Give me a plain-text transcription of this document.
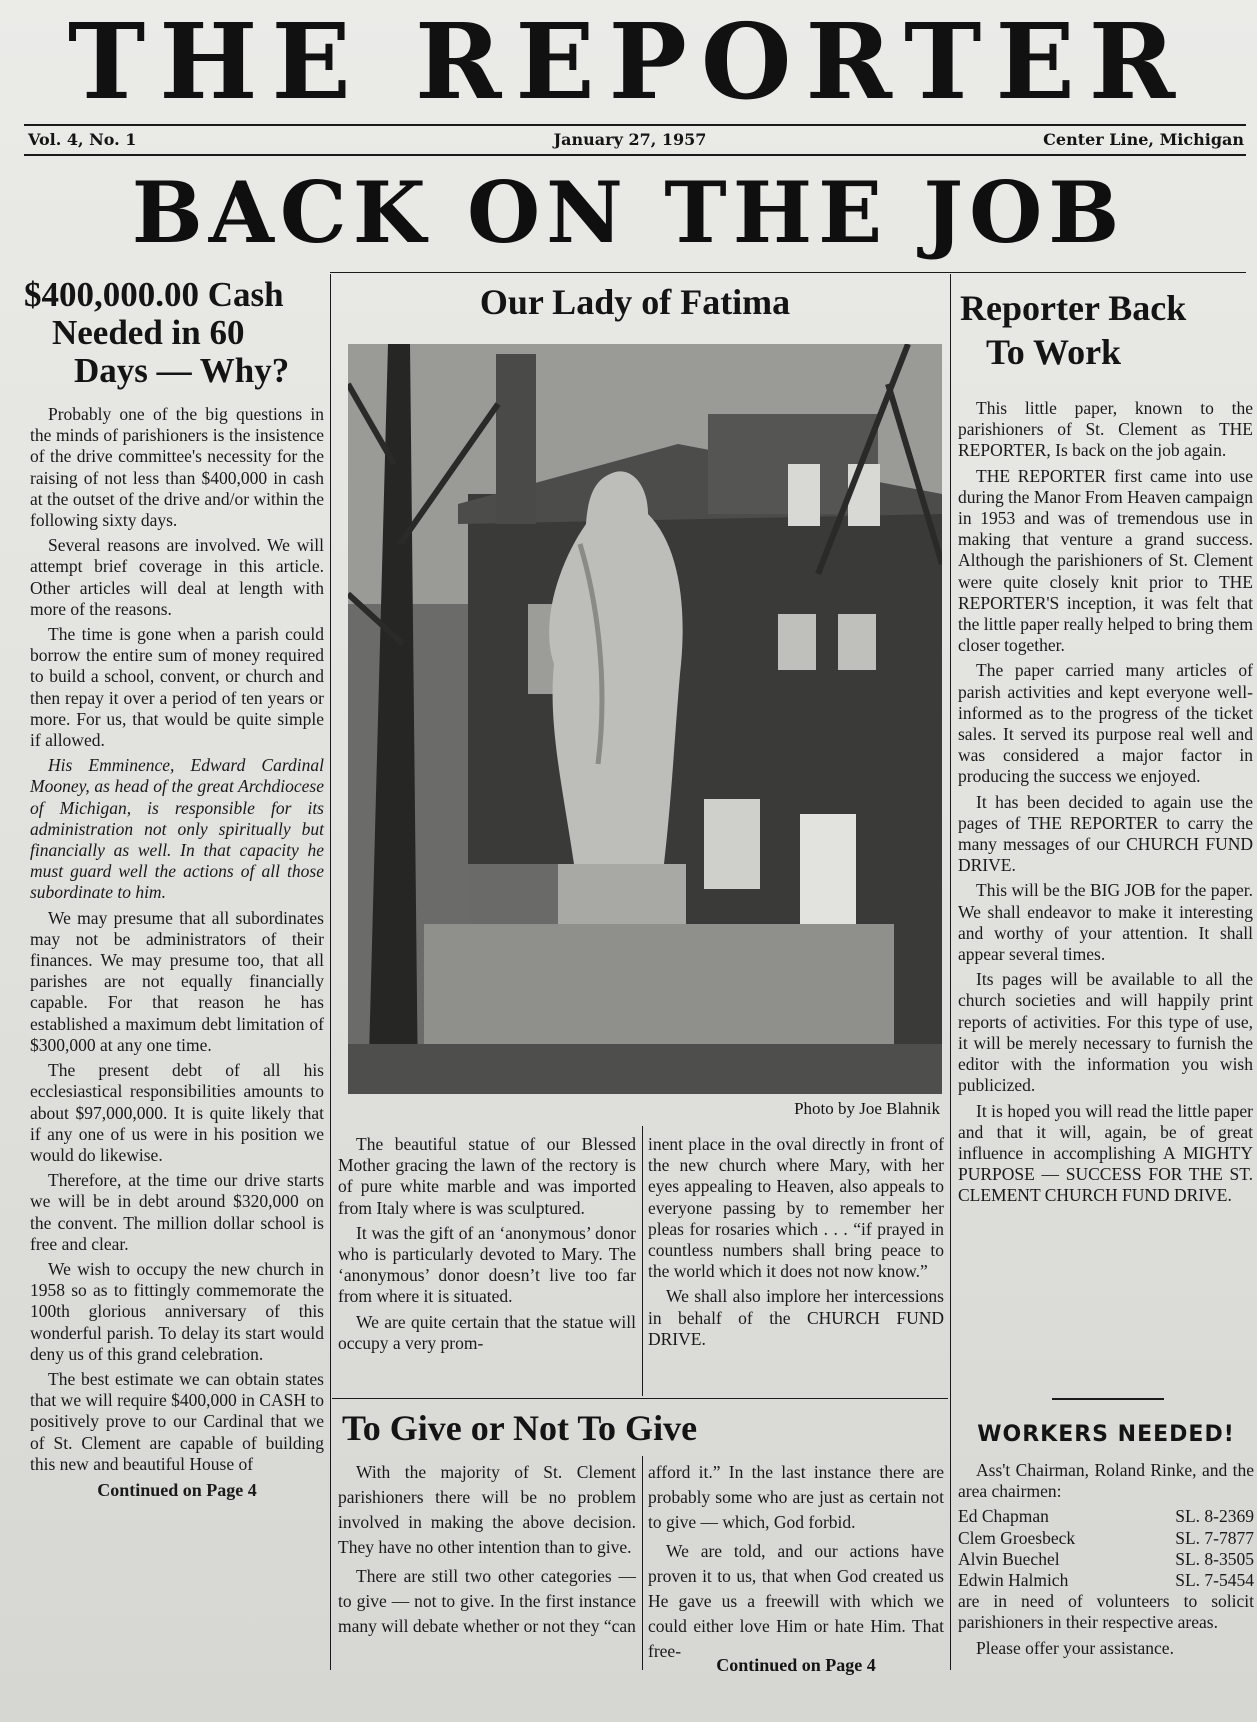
THE REPORTER
Vol. 4, No. 1	January 27, 1957	Center Line, Michigan
BACK ON THE JOB
$400,000.00 Cash
Needed in 60
Days — Why?

Probably one of the big questions in the minds of parishioners is the insistence of the drive committee's necessity for the raising of not less than $400,000 in cash at the outset of the drive and/or within the following sixty days.

Several reasons are involved. We will attempt brief coverage in this article. Other articles will deal at length with more of the reasons.

The time is gone when a parish could borrow the entire sum of money required to build a school, convent, or church and then repay it over a period of ten years or more. For us, that would be quite simple if allowed.

His Emminence, Edward Cardinal Mooney, as head of the great Archdiocese of Michigan, is responsible for its administration not only spiritually but financially as well. In that capacity he must guard well the actions of all those subordinate to him.

We may presume that all subordinates may not be administrators of their finances. We may presume too, that all parishes are not equally financially capable. For that reason he has established a maximum debt limitation of $300,000 at any one time.

The present debt of all his ecclesiastical responsibilities amounts to about $97,000,000. It is quite likely that if any one of us were in his position we would do likewise.

Therefore, at the time our drive starts we will be in debt around $320,000 on the convent. The million dollar school is free and clear.

We wish to occupy the new church in 1958 so as to fittingly commemorate the 100th glorious anniversary of this wonderful parish. To delay its start would deny us of this grand celebration.

The best estimate we can obtain states that we will require $400,000 in CASH to positively prove to our Cardinal that we of St. Clement are capable of building this new and beautiful House of

Continued on Page 4
Our Lady of Fatima
Photo by Joe Blahnik

The beautiful statue of our Blessed Mother gracing the lawn of the rectory is of pure white marble and was imported from Italy where is was sculptured.

It was the gift of an ‘anonymous’ donor who is particularly devoted to Mary. The ‘anonymous’ donor doesn’t live too far from where it is situated.

We are quite certain that the statue will occupy a very prom-

inent place in the oval directly in front of the new church where Mary, with her eyes appealing to Heaven, also appeals to everyone passing by to remember her pleas for rosaries which . . . “if prayed in countless numbers shall bring peace to the world which it does not now know.”

We shall also implore her intercessions in behalf of the CHURCH FUND DRIVE.

Reporter Back
To Work

This little paper, known to the parishioners of St. Clement as THE REPORTER, Is back on the job again.

THE REPORTER first came into use during the Manor From Heaven campaign in 1953 and was of tremendous use in making that venture a grand success. Although the parishioners of St. Clement were quite closely knit prior to THE REPORTER'S inception, it was felt that the little paper really helped to bring them closer together.

The paper carried many articles of parish activities and kept everyone well-informed as to the progress of the ticket sales. It served its purpose real well and was considered a major factor in producing the success we enjoyed.

It has been decided to again use the pages of THE REPORTER to carry the many messages of our CHURCH FUND DRIVE.

This will be the BIG JOB for the paper. We shall endeavor to make it interesting and worthy of your attention. It shall appear several times.

Its pages will be available to all the church societies and will happily print reports of activities. For this type of use, it will be merely necessary to furnish the editor with the information you wish publicized.

It is hoped you will read the little paper and that it will, again, be of great influence in accomplishing A MIGHTY PURPOSE — SUCCESS FOR THE ST. CLEMENT CHURCH FUND DRIVE.

To Give or Not To Give

With the majority of St. Clement parishioners there will be no problem involved in making the above decision. They have no other intention than to give.

There are still two other categories — to give — not to give. In the first instance many will debate whether or not they “can

afford it.” In the last instance there are probably some who are just as certain not to give — which, God forbid.

We are told, and our actions have proven it to us, that when God created us He gave us a freewill with which we could either love Him or hate Him. That free-

Continued on Page 4
WORKERS NEEDED!

Ass't Chairman, Roland Rinke, and the area chairmen:

Ed Chapman	SL. 8-2369
Clem Groesbeck	SL. 7-7877
Alvin Buechel	SL. 8-3505
Edwin Halmich	SL. 7-5454

are in need of volunteers to solicit parishioners in their respective areas.

Please offer your assistance.
